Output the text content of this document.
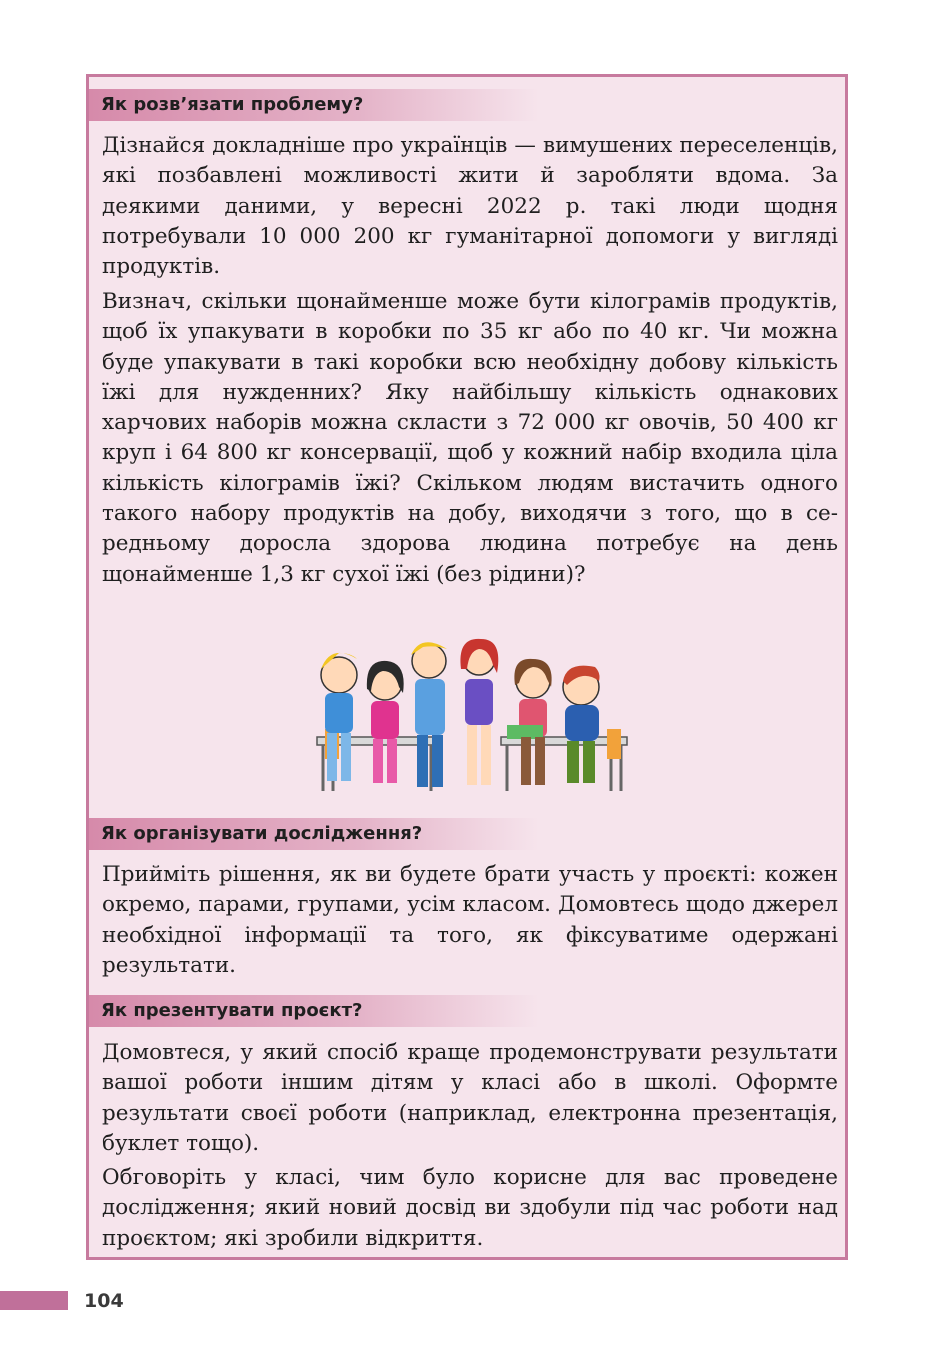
Як розв’язати проблему?

Дізнайся докладніше про українців — вимушених переселенців, які позбавлені можливості жити й заробляти вдома. За деякими даними, у вересні 2022 р. такі люди щодня потребували 10 000 200 кг гуманітарної допомоги у вигляді продуктів.

Визнач, скільки щонайменше може бути кілограмів продуктів, щоб їх упакувати в коробки по 35 кг або по 40 кг. Чи можна буде упакувати в такі коробки всю необхідну добову кількість їжі для нужденних? Яку найбільшу кількість однакових харчових наборів можна скласти з 72 000 кг овочів, 50 400 кг круп і 64 800 кг консервації, щоб у кожний набір входила ціла кількість кілограмів їжі? Скільком людям вистачить одного такого набору продуктів на добу, виходячи з того, що в середньому доросла здорова людина потребує на день щонайменше 1,3 кг сухої їжі (без рідини)?

Як організувати дослідження?

Прийміть рішення, як ви будете брати участь у проєкті: кожен окремо, парами, групами, усім класом. Домовтесь щодо джерел необхідної інформації та того, як фіксуватиме одержані результати.

Як презентувати проєкт?

Домовтеся, у який спосіб краще продемонструвати результати вашої роботи іншим дітям у класі або в школі. Оформте результати своєї роботи (наприклад, електронна презентація, буклет тощо).

Обговоріть у класі, чим було корисне для вас проведене дослідження; який новий досвід ви здобули під час роботи над проєктом; які зробили відкриття.

104
